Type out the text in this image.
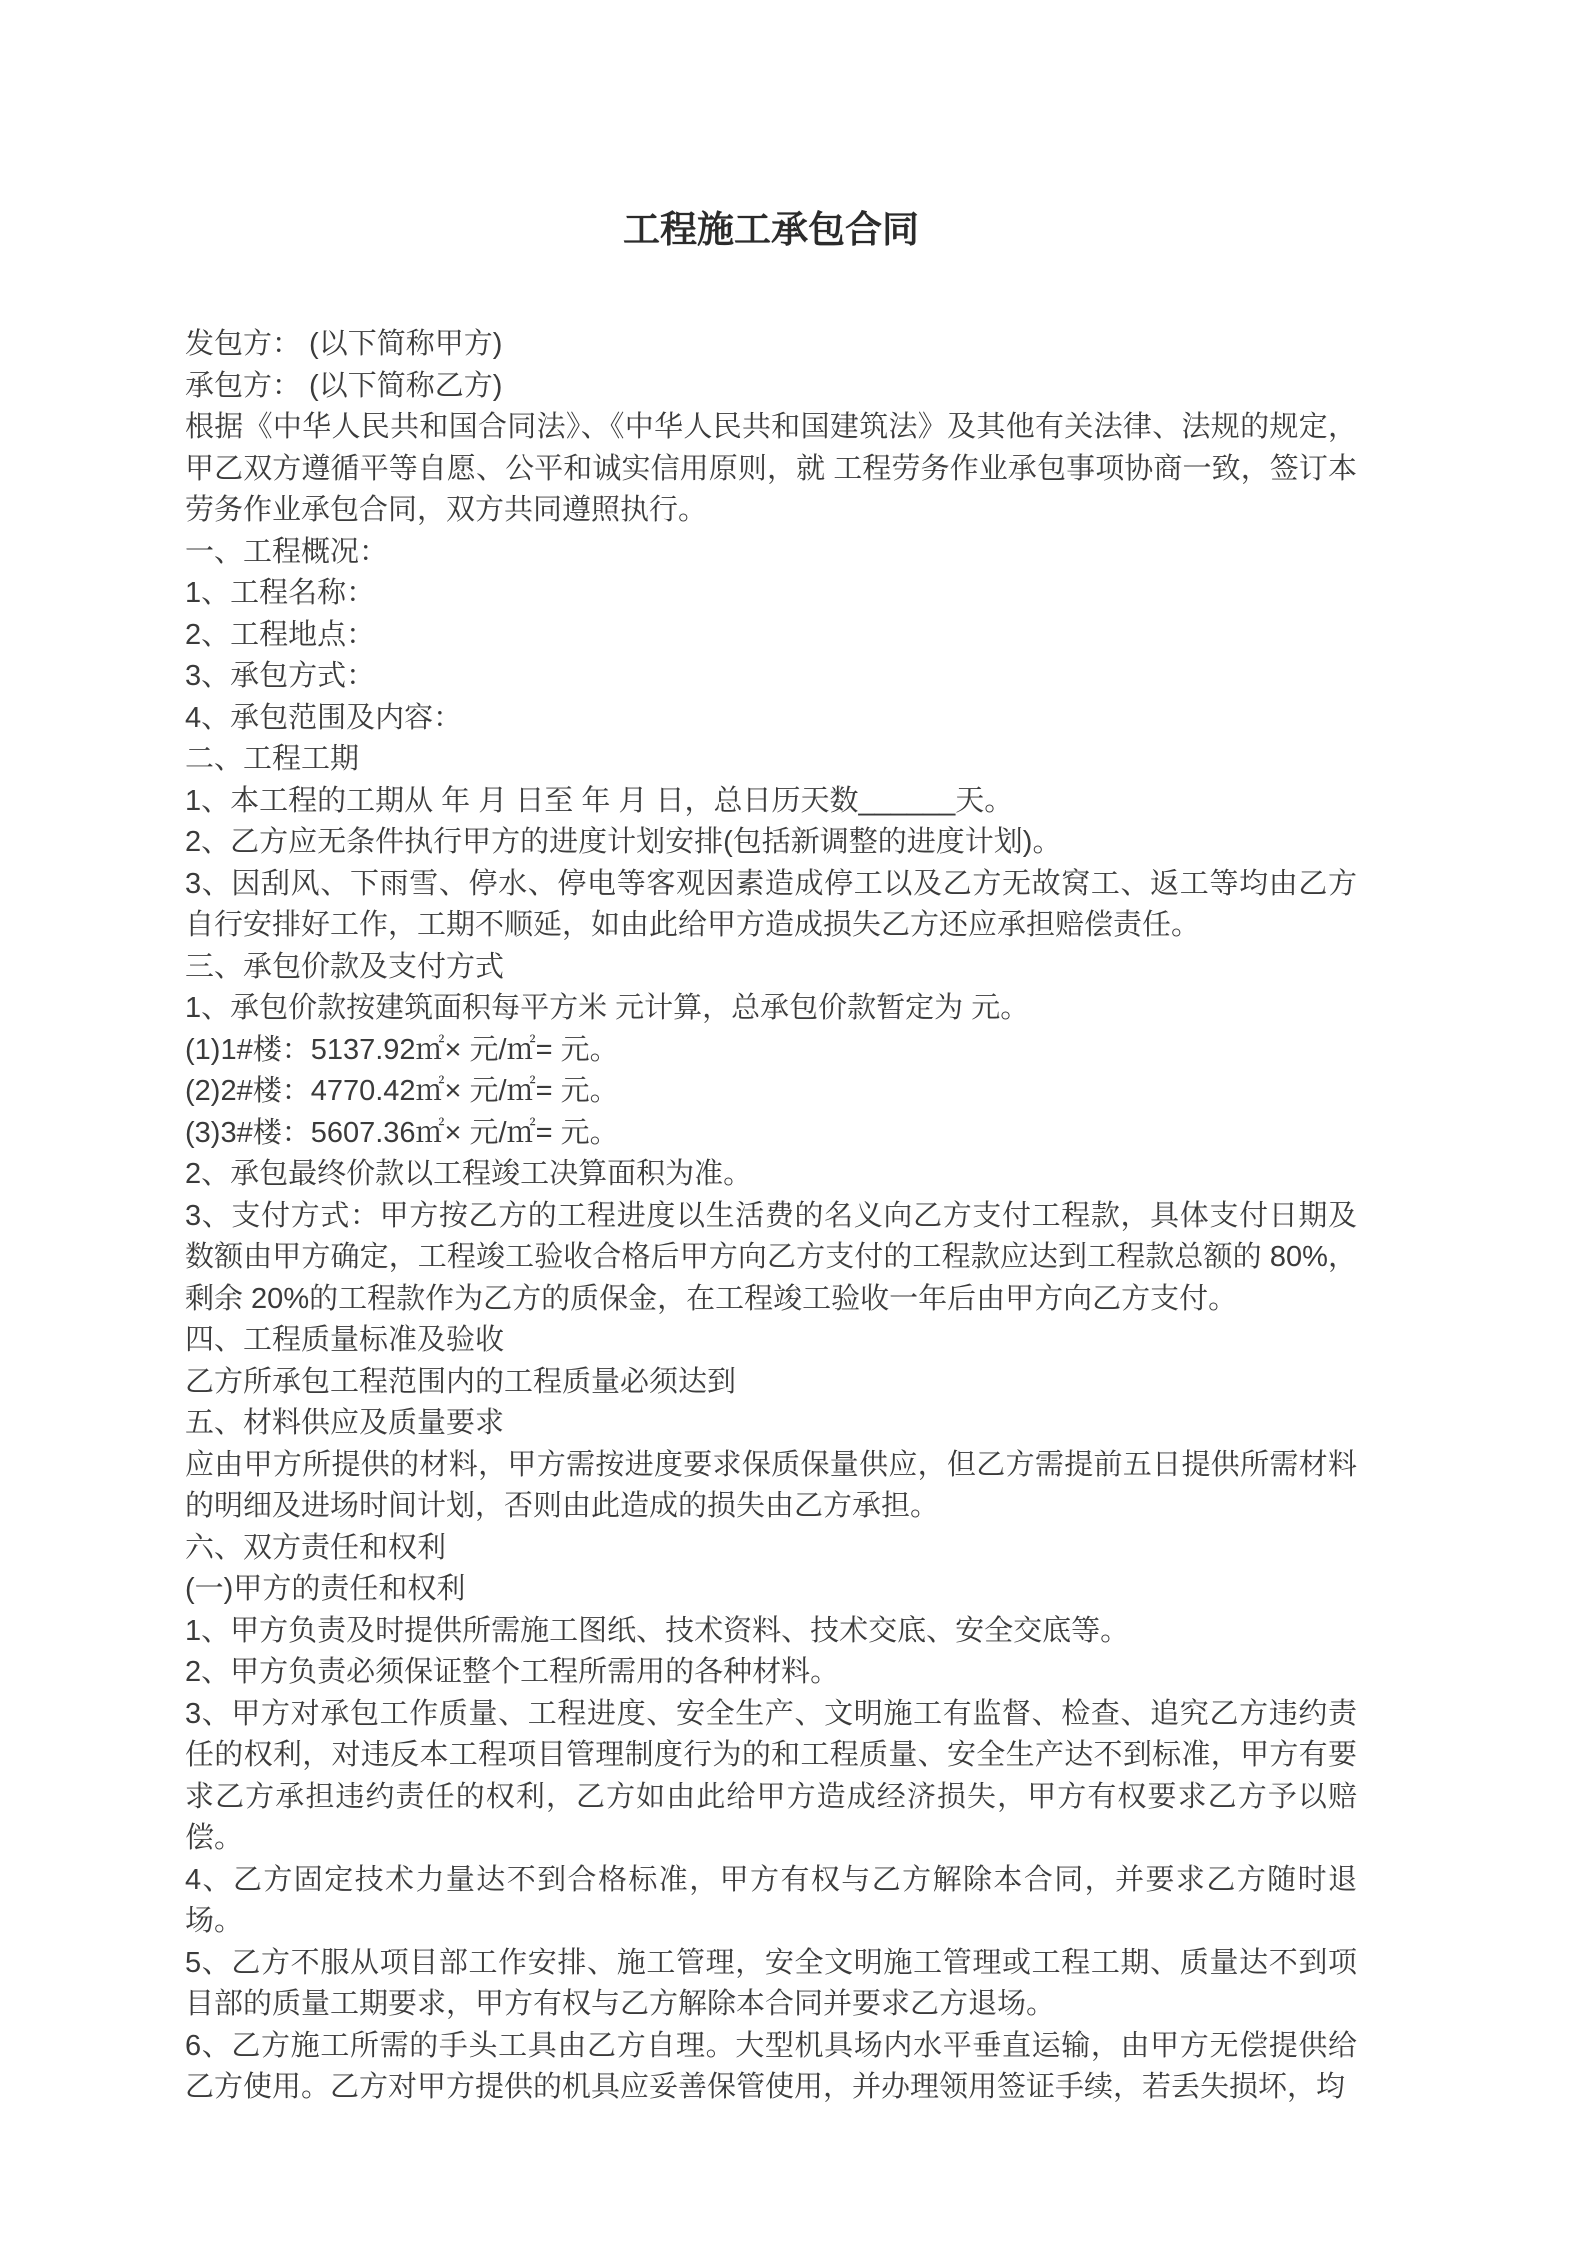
工程施工承包合同

发包方： (以下简称甲方)

承包方： (以下简称乙方)

根据《中华人民共和国合同法》、《中华人民共和国建筑法》及其他有关法律、法规的规定，甲乙双方遵循平等自愿、公平和诚实信用原则，就 工程劳务作业承包事项协商一致，签订本劳务作业承包合同，双方共同遵照执行。

一、工程概况：

1、工程名称：

2、工程地点：

3、承包方式：

4、承包范围及内容：

二、工程工期

1、本工程的工期从 年 月 日至 年 月 日，总日历天数______天。

2、乙方应无条件执行甲方的进度计划安排(包括新调整的进度计划)。

3、因刮风、下雨雪、停水、停电等客观因素造成停工以及乙方无故窝工、返工等均由乙方自行安排好工作，工期不顺延，如由此给甲方造成损失乙方还应承担赔偿责任。

三、承包价款及支付方式

1、承包价款按建筑面积每平方米 元计算，总承包价款暂定为 元。

(1)1#楼：5137.92㎡× 元/㎡= 元。

(2)2#楼：4770.42㎡× 元/㎡= 元。

(3)3#楼：5607.36㎡× 元/㎡= 元。

2、承包最终价款以工程竣工决算面积为准。

3、支付方式：甲方按乙方的工程进度以生活费的名义向乙方支付工程款，具体支付日期及数额由甲方确定，工程竣工验收合格后甲方向乙方支付的工程款应达到工程款总额的 80%，剩余 20%的工程款作为乙方的质保金，在工程竣工验收一年后由甲方向乙方支付。

四、工程质量标准及验收

乙方所承包工程范围内的工程质量必须达到

五、材料供应及质量要求

应由甲方所提供的材料，甲方需按进度要求保质保量供应，但乙方需提前五日提供所需材料的明细及进场时间计划，否则由此造成的损失由乙方承担。

六、双方责任和权利

(一)甲方的责任和权利

1、甲方负责及时提供所需施工图纸、技术资料、技术交底、安全交底等。

2、甲方负责必须保证整个工程所需用的各种材料。

3、甲方对承包工作质量、工程进度、安全生产、文明施工有监督、检查、追究乙方违约责任的权利，对违反本工程项目管理制度行为的和工程质量、安全生产达不到标准，甲方有要求乙方承担违约责任的权利，乙方如由此给甲方造成经济损失，甲方有权要求乙方予以赔偿。

4、乙方固定技术力量达不到合格标准，甲方有权与乙方解除本合同，并要求乙方随时退场。

5、乙方不服从项目部工作安排、施工管理，安全文明施工管理或工程工期、质量达不到项目部的质量工期要求，甲方有权与乙方解除本合同并要求乙方退场。

6、乙方施工所需的手头工具由乙方自理。大型机具场内水平垂直运输，由甲方无偿提供给乙方使用。乙方对甲方提供的机具应妥善保管使用，并办理领用签证手续，若丢失损坏，均
